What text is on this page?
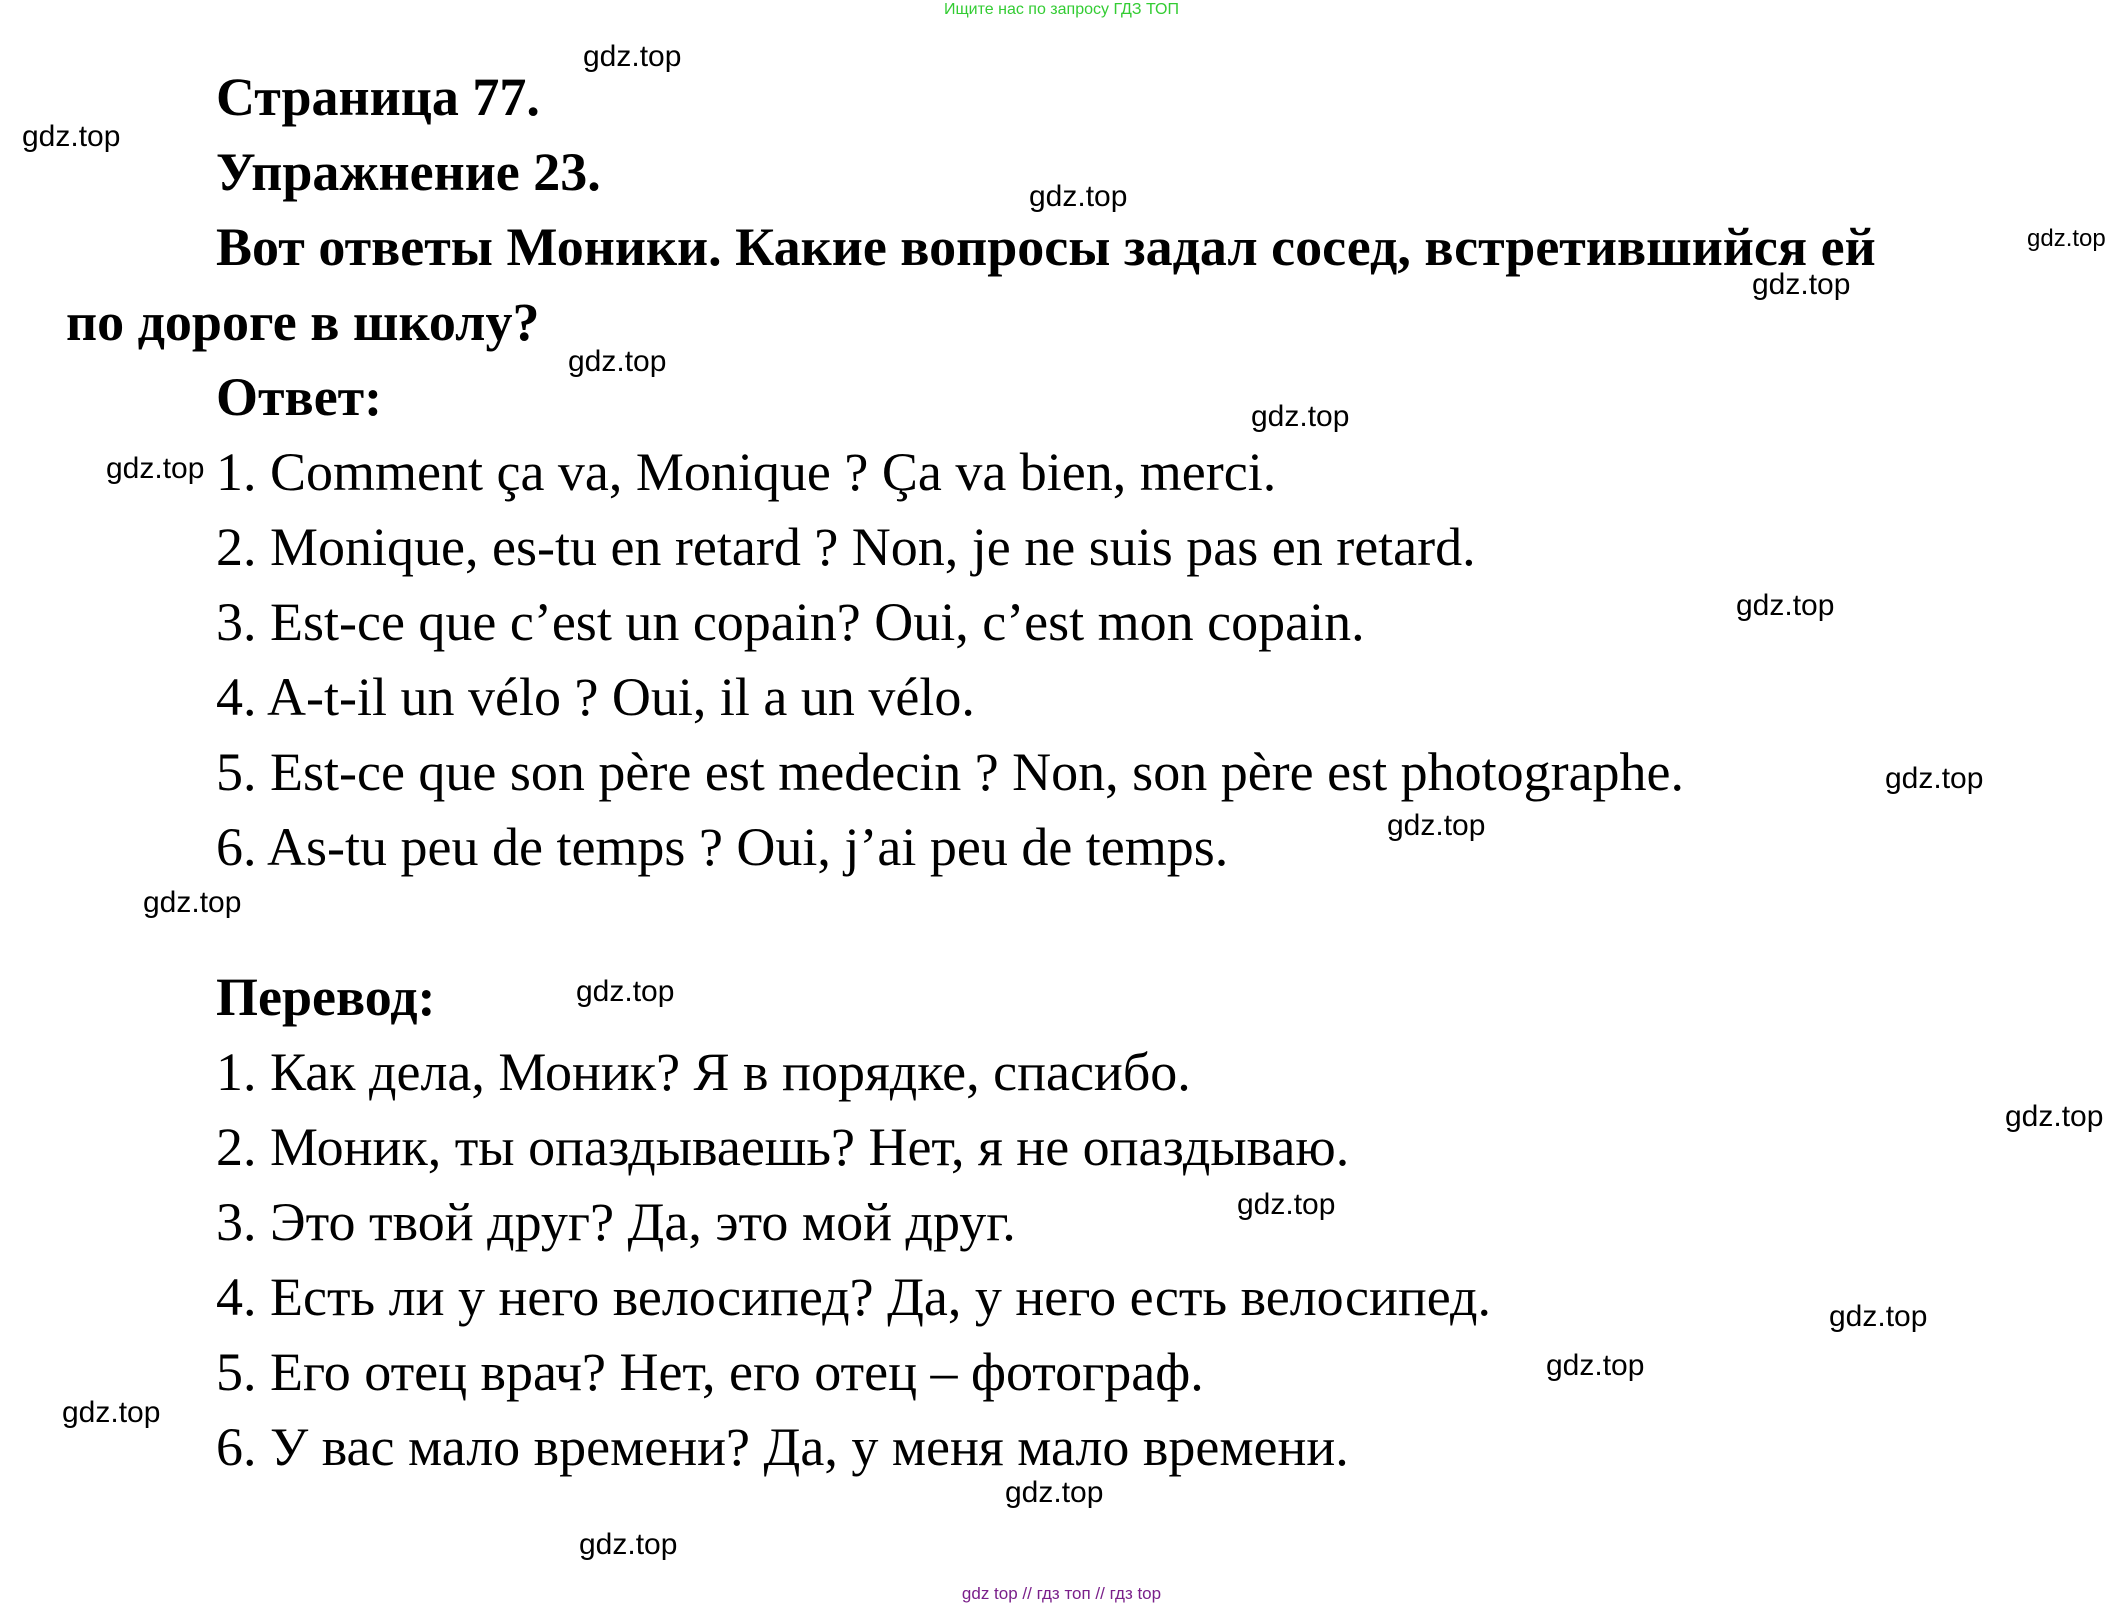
Ищите нас по запросу ГДЗ ТОП
Страница 77.
Упражнение 23.
Вот ответы Моники. Какие вопросы задал сосед, встретившийся ей
по дороге в школу?
Ответ:
1. Comment ça va, Monique ? Ça va bien, merci.
2. Monique, es-tu en retard ? Non, je ne suis pas en retard.
3. Est-ce que c’est un copain? Oui, c’est mon copain.
4. A-t-il un vélo ? Oui, il a un vélo.
5. Est-ce que son père est medecin ? Non, son père est photographe.
6. As-tu peu de temps ? Oui, j’ai peu de temps.
Перевод:
1. Как дела, Моник? Я в порядке, спасибо.
2. Моник, ты опаздываешь? Нет, я не опаздываю.
3. Это твой друг? Да, это мой друг.
4. Есть ли у него велосипед? Да, у него есть велосипед.
5. Его отец врач? Нет, его отец – фотограф.
6. У вас мало времени? Да, у меня мало времени.
gdz.top
gdz.top
gdz.top
gdz.top
gdz.top
gdz.top
gdz.top
gdz.top
gdz.top
gdz.top
gdz.top
gdz.top
gdz.top
gdz.top
gdz.top
gdz.top
gdz.top
gdz.top
gdz.top
gdz.top
gdz top // гдз топ // гдз top
